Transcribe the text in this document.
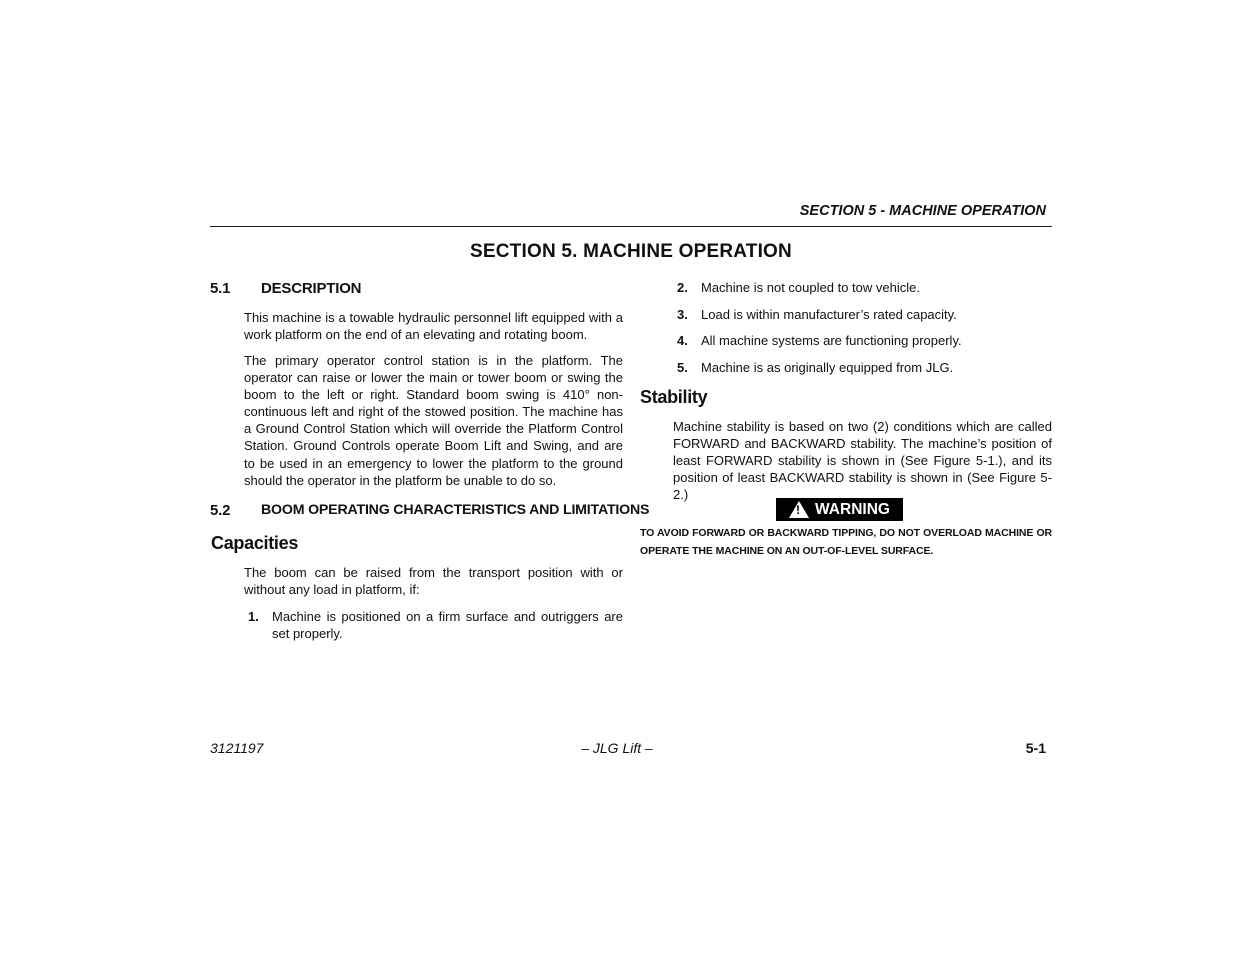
SECTION 5 - MACHINE OPERATION
SECTION 5. MACHINE OPERATION
5.1 DESCRIPTION
This machine is a towable hydraulic personnel lift equipped with a work platform on the end of an elevating and rotating boom.
The primary operator control station is in the platform. The operator can raise or lower the main or tower boom or swing the boom to the left or right. Standard boom swing is 410° non-continuous left and right of the stowed position. The machine has a Ground Control Station which will override the Platform Control Station. Ground Controls operate Boom Lift and Swing, and are to be used in an emergency to lower the platform to the ground should the operator in the platform be unable to do so.
5.2 BOOM OPERATING CHARACTERISTICS AND LIMITATIONS
Capacities
The boom can be raised from the transport position with or without any load in platform, if:
1. Machine is positioned on a firm surface and outriggers are set properly.
2. Machine is not coupled to tow vehicle.
3. Load is within manufacturer’s rated capacity.
4. All machine systems are functioning properly.
5. Machine is as originally equipped from JLG.
Stability
Machine stability is based on two (2) conditions which are called FORWARD and BACKWARD stability. The machine’s position of least FORWARD stability is shown in (See Figure 5-1.), and its position of least BACKWARD stability is shown in (See Figure 5-2.)
! WARNING
TO AVOID FORWARD OR BACKWARD TIPPING, DO NOT OVERLOAD MACHINE OR OPERATE THE MACHINE ON AN OUT-OF-LEVEL SURFACE.
3121197	– JLG Lift –	5-1
